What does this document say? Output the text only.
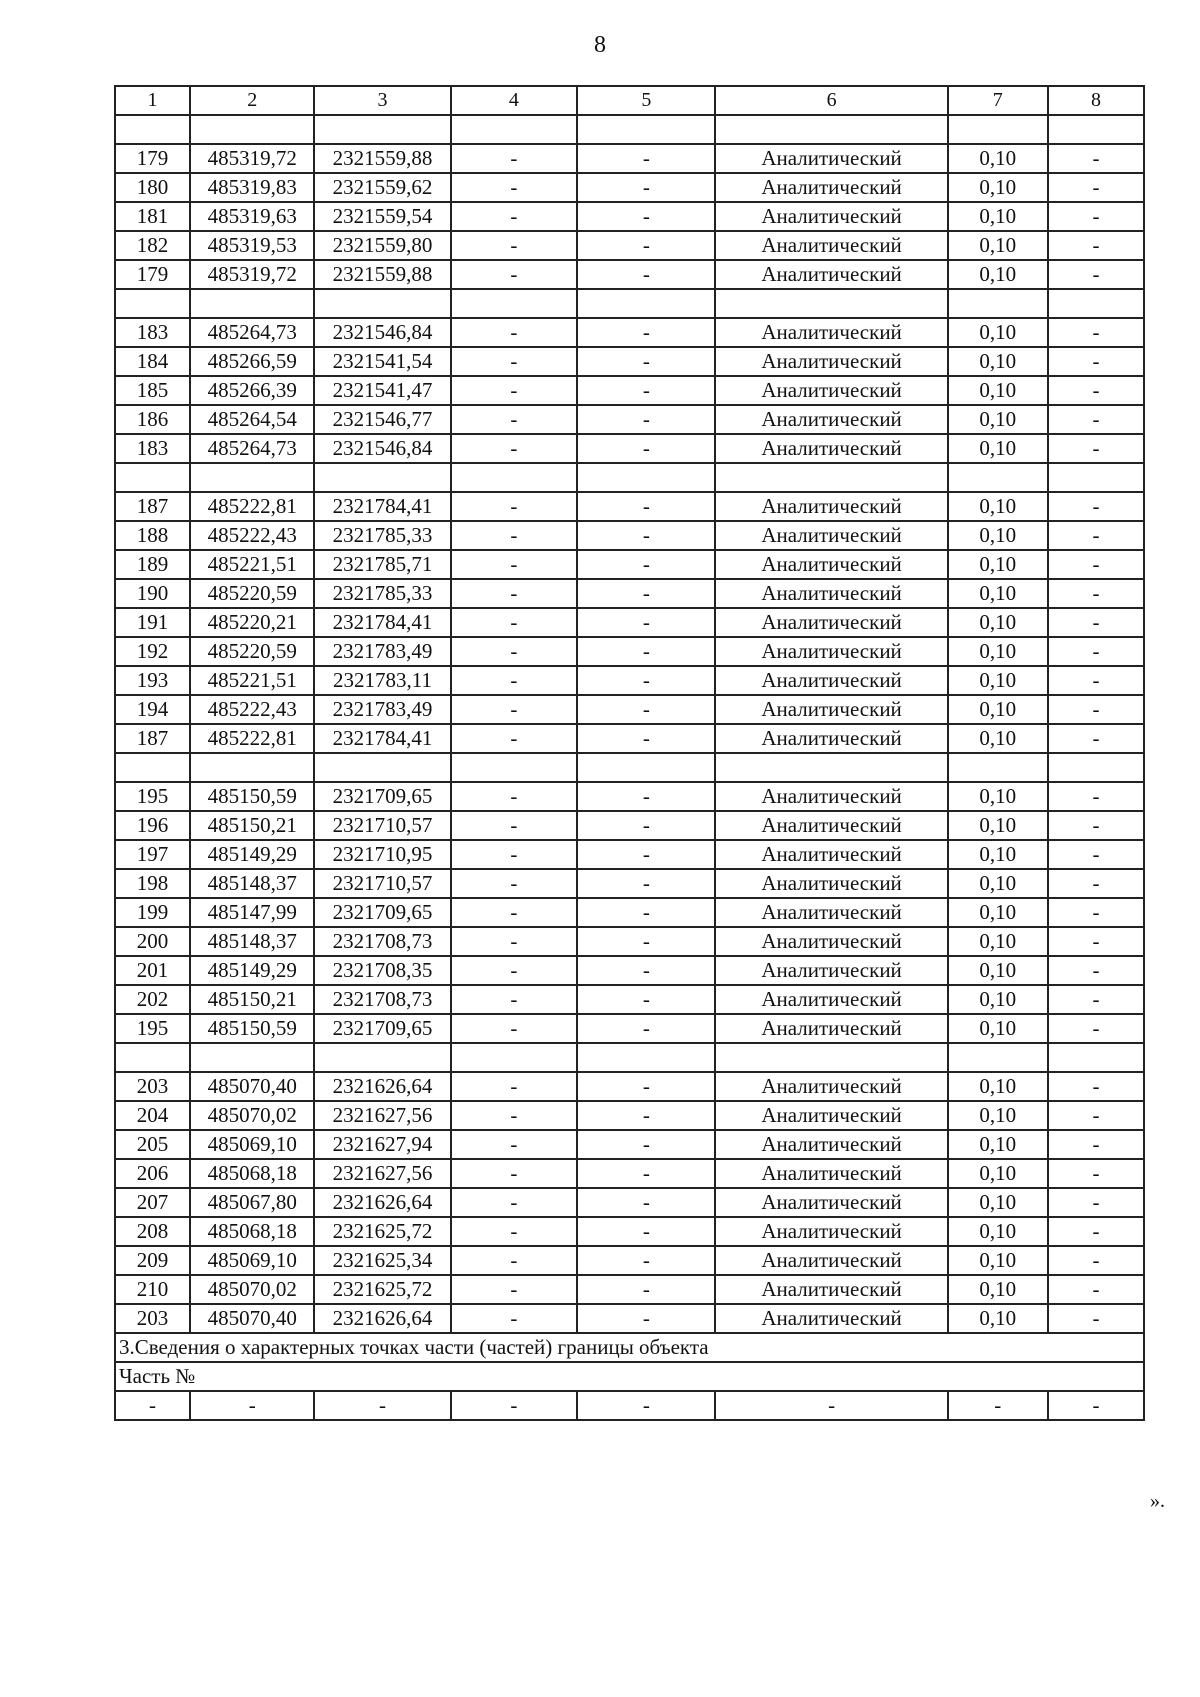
8
1	2	3	4	5	6	7	8

179	485319,72	2321559,88	-	-	Аналитический	0,10	-
180	485319,83	2321559,62	-	-	Аналитический	0,10	-
181	485319,63	2321559,54	-	-	Аналитический	0,10	-
182	485319,53	2321559,80	-	-	Аналитический	0,10	-
179	485319,72	2321559,88	-	-	Аналитический	0,10	-

183	485264,73	2321546,84	-	-	Аналитический	0,10	-
184	485266,59	2321541,54	-	-	Аналитический	0,10	-
185	485266,39	2321541,47	-	-	Аналитический	0,10	-
186	485264,54	2321546,77	-	-	Аналитический	0,10	-
183	485264,73	2321546,84	-	-	Аналитический	0,10	-

187	485222,81	2321784,41	-	-	Аналитический	0,10	-
188	485222,43	2321785,33	-	-	Аналитический	0,10	-
189	485221,51	2321785,71	-	-	Аналитический	0,10	-
190	485220,59	2321785,33	-	-	Аналитический	0,10	-
191	485220,21	2321784,41	-	-	Аналитический	0,10	-
192	485220,59	2321783,49	-	-	Аналитический	0,10	-
193	485221,51	2321783,11	-	-	Аналитический	0,10	-
194	485222,43	2321783,49	-	-	Аналитический	0,10	-
187	485222,81	2321784,41	-	-	Аналитический	0,10	-

195	485150,59	2321709,65	-	-	Аналитический	0,10	-
196	485150,21	2321710,57	-	-	Аналитический	0,10	-
197	485149,29	2321710,95	-	-	Аналитический	0,10	-
198	485148,37	2321710,57	-	-	Аналитический	0,10	-
199	485147,99	2321709,65	-	-	Аналитический	0,10	-
200	485148,37	2321708,73	-	-	Аналитический	0,10	-
201	485149,29	2321708,35	-	-	Аналитический	0,10	-
202	485150,21	2321708,73	-	-	Аналитический	0,10	-
195	485150,59	2321709,65	-	-	Аналитический	0,10	-

203	485070,40	2321626,64	-	-	Аналитический	0,10	-
204	485070,02	2321627,56	-	-	Аналитический	0,10	-
205	485069,10	2321627,94	-	-	Аналитический	0,10	-
206	485068,18	2321627,56	-	-	Аналитический	0,10	-
207	485067,80	2321626,64	-	-	Аналитический	0,10	-
208	485068,18	2321625,72	-	-	Аналитический	0,10	-
209	485069,10	2321625,34	-	-	Аналитический	0,10	-
210	485070,02	2321625,72	-	-	Аналитический	0,10	-
203	485070,40	2321626,64	-	-	Аналитический	0,10	-
3.Сведения о характерных точках части (частей) границы объекта							
Часть №							
-	-	-	-	-	-	-	-
».
